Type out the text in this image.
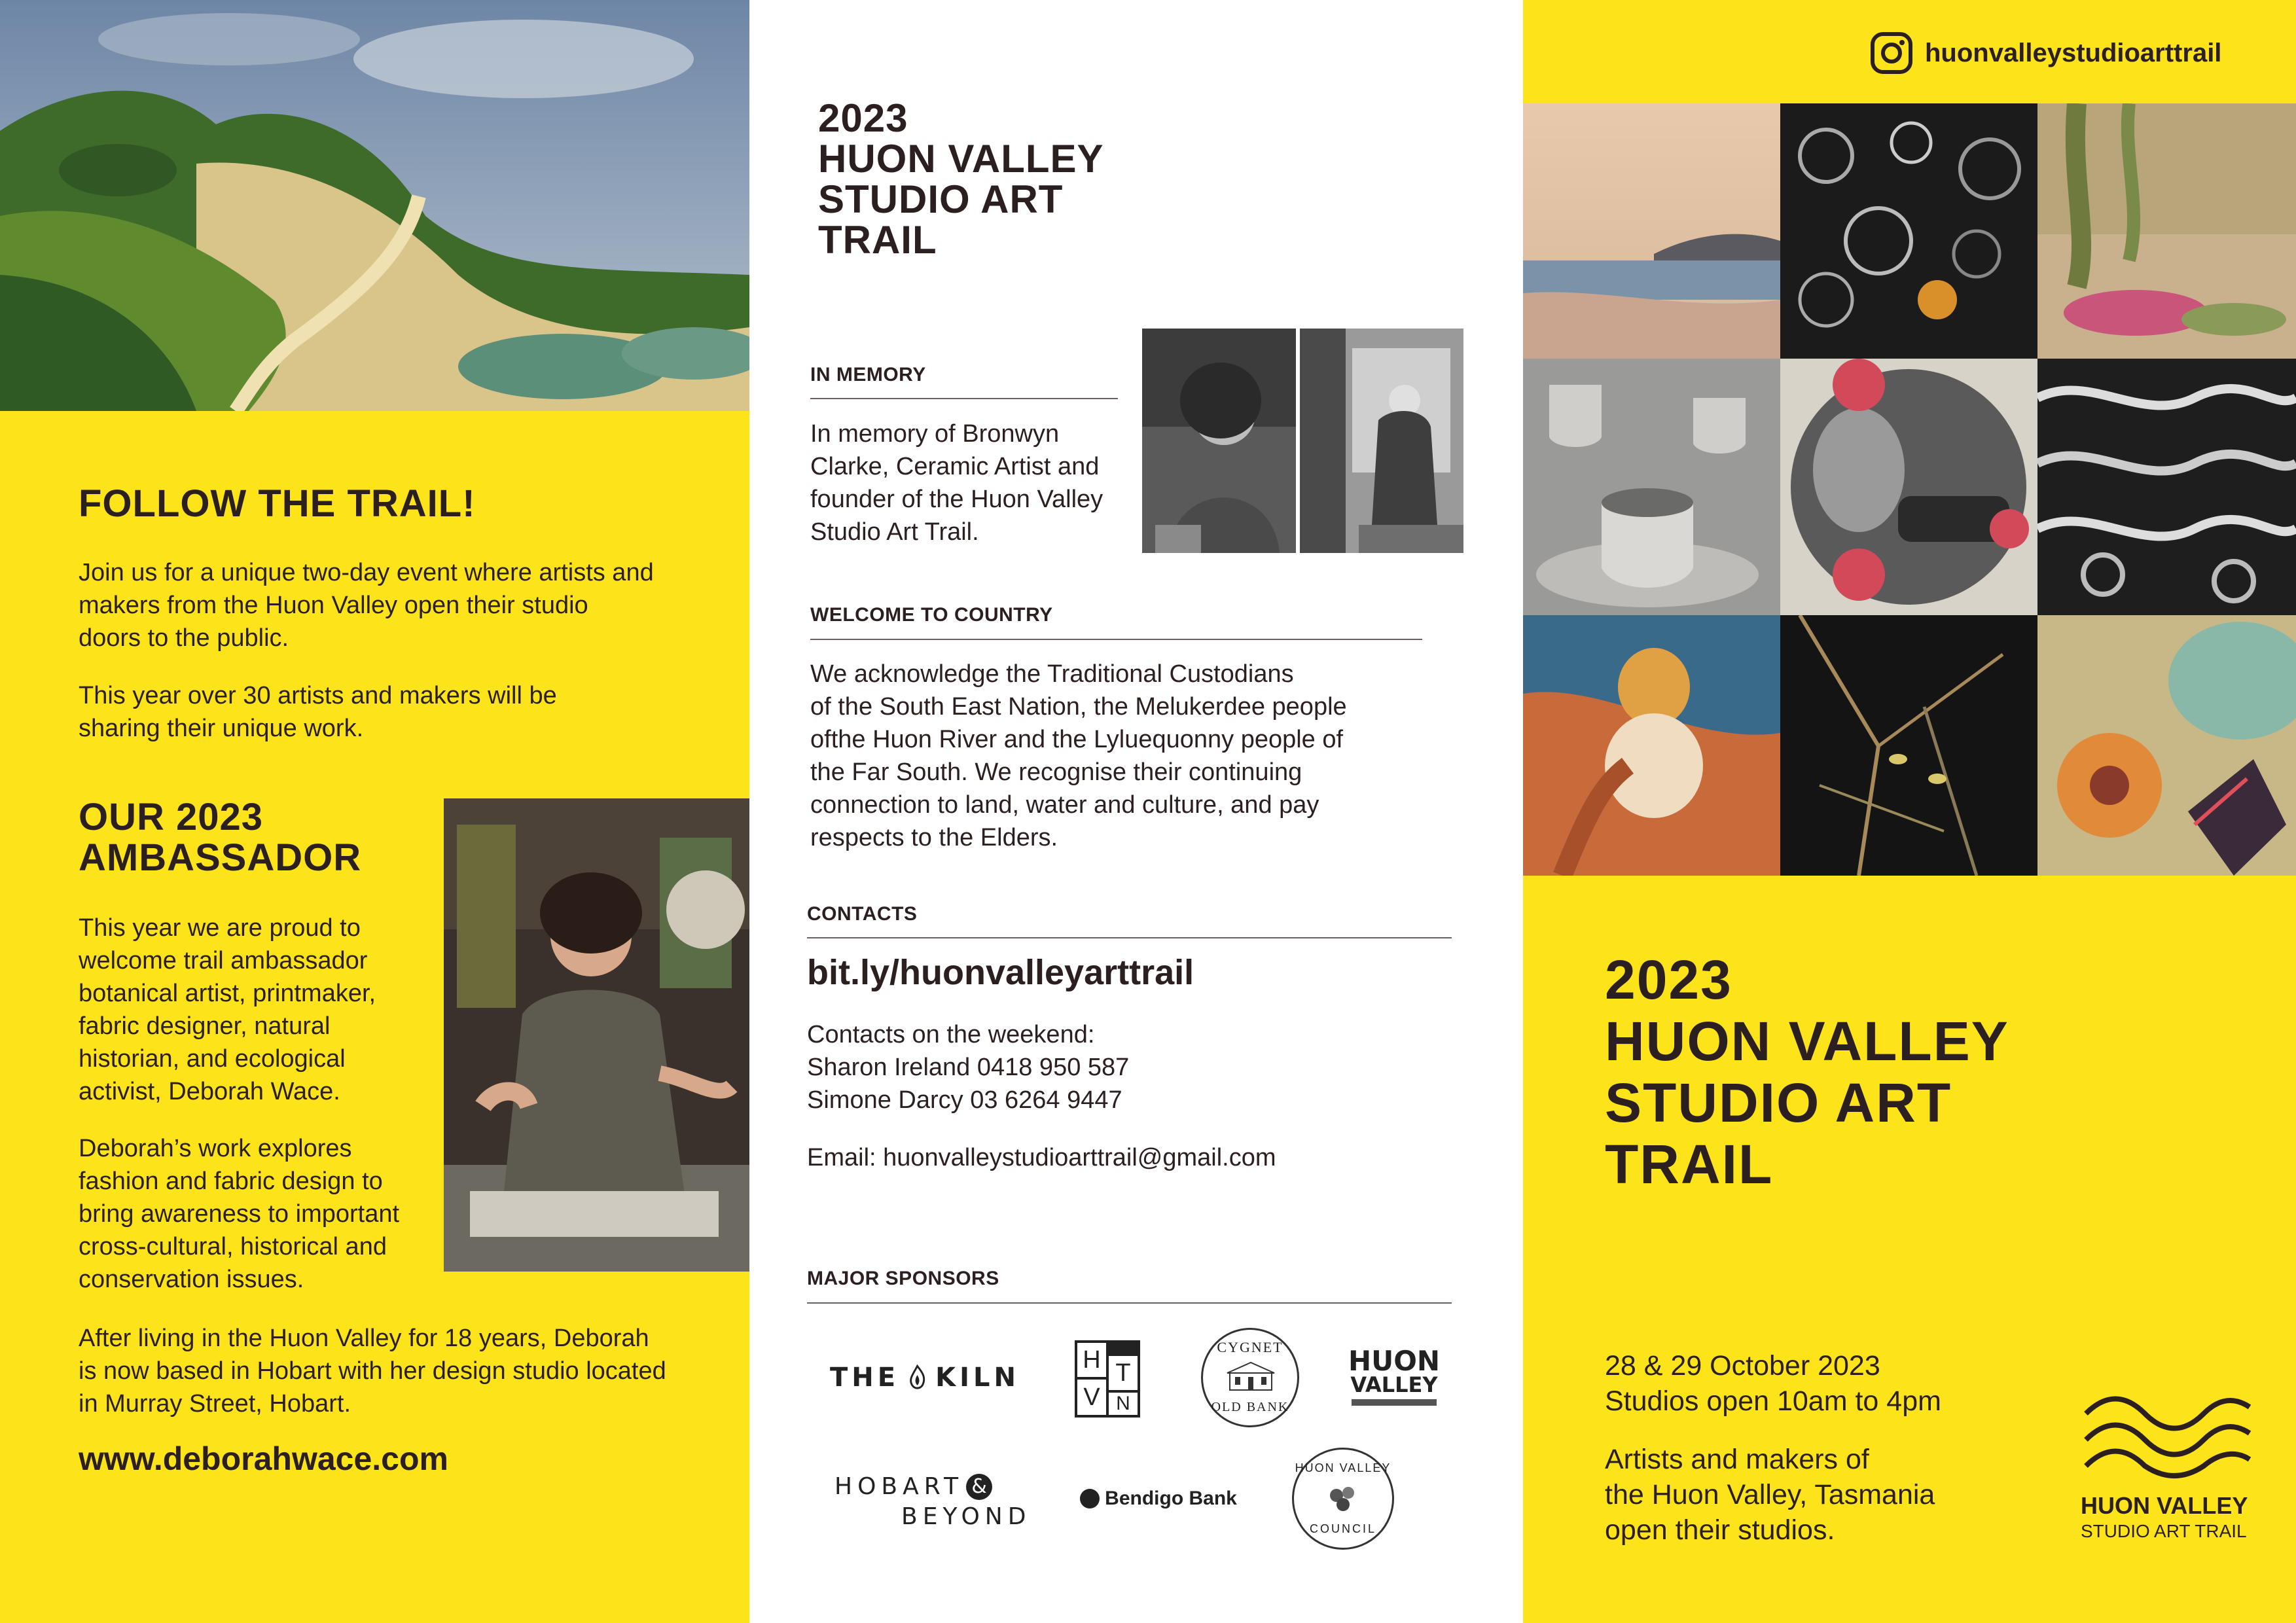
FOLLOW THE TRAIL!

Join us for a unique two-day event where artists and makers from the Huon Valley open their studio doors to the public.

This year over 30 artists and makers will be sharing their unique work.

OUR 2023
AMBASSADOR
This year we are proud to
welcome trail ambassador
botanical artist, printmaker,
fabric designer, natural
historian, and ecological
activist, Deborah Wace.
Deborah’s work explores
fashion and fabric design to
bring awareness to important
cross-cultural, historical and
conservation issues.

After living in the Huon Valley for 18 years, Deborah is now based in Hobart with her design studio located in Murray Street, Hobart.

www.deborahwace.com
2023
HUON VALLEY
STUDIO ART
TRAIL
IN MEMORY
In memory of Bronwyn
Clarke, Ceramic Artist and
founder of the Huon Valley
Studio Art Trail.
WELCOME TO COUNTRY
We acknowledge the Traditional Custodians
of the South East Nation, the Melukerdee people
ofthe Huon River and the Lyluequonny people of
the Far South. We recognise their continuing
connection to land, water and culture, and pay
respects to the Elders.
CONTACTS
bit.ly/huonvalleyarttrail
Contacts on the weekend:
Sharon Ireland 0418 950 587
Simone Darcy 03 6264 9447
Email: huonvalleystudioarttrail@gmail.com
MAJOR SPONSORS
THE KILN
H T
V N
CYGNET
OLD BANK
HUON
VALLEY
HOBART &
BEYOND
Bendigo Bank
HUON VALLEY
COUNCIL
huonvalleystudioarttrail
2023
HUON VALLEY
STUDIO ART
TRAIL
28 & 29 October 2023
Studios open 10am to 4pm
Artists and makers of
the Huon Valley, Tasmania
open their studios.
HUON VALLEY
STUDIO ART TRAIL
